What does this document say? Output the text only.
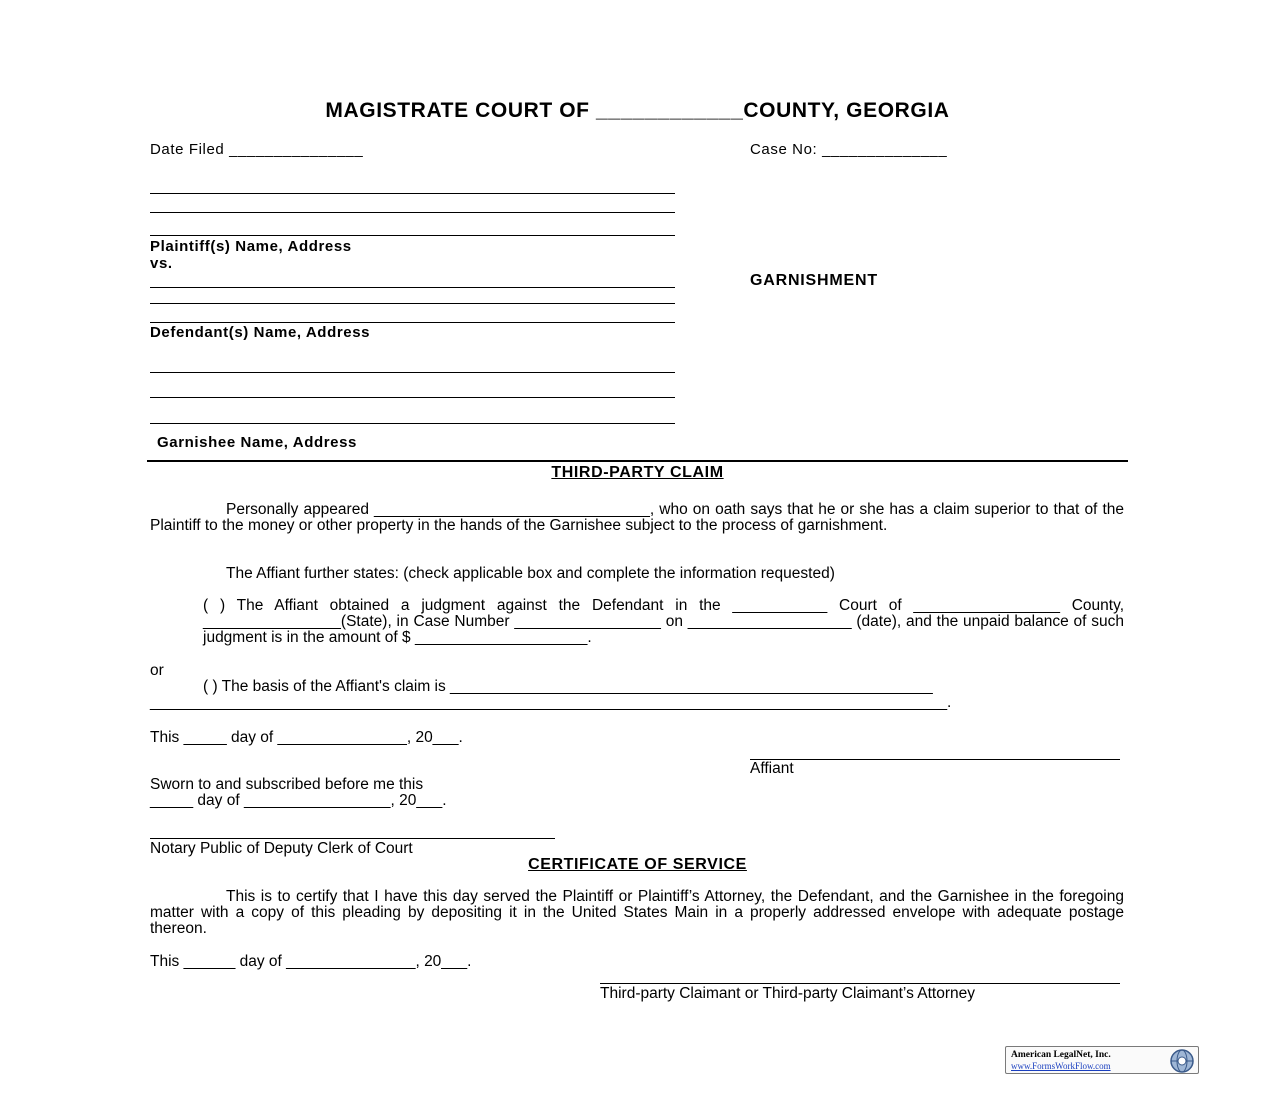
MAGISTRATE COURT OF ____________COUNTY, GEORGIA
Date Filed _______________	Case No: ______________
Plaintiff(s) Name, Address
vs.
GARNISHMENT
Defendant(s) Name, Address
Garnishee Name, Address
THIRD-PARTY CLAIM
Personally appeared ________________________________, who on oath says that he or she has a claim superior to that of the Plaintiff to the money or other property in the hands of the Garnishee subject to the process of garnishment.
The Affiant further states: (check applicable box and complete the information requested)
( ) The Affiant obtained a judgment against the Defendant in the ___________ Court of _________________ County, ________________(State), in Case Number _________________ on ___________________ (date), and the unpaid balance of such judgment is in the amount of $ ____________________.
or
( ) The basis of the Affiant's claim is ________________________________________________________
_____________________________________________________________________________________________.
This _____ day of _______________, 20___.
Affiant
Sworn to and subscribed before me this
_____ day of _________________, 20___.
Notary Public of Deputy Clerk of Court
CERTIFICATE OF SERVICE
This is to certify that I have this day served the Plaintiff or Plaintiff’s Attorney, the Defendant, and the Garnishee in the foregoing matter with a copy of this pleading by depositing it in the United States Main in a properly addressed envelope with adequate postage thereon.
This ______ day of _______________, 20___.
Third-party Claimant or Third-party Claimant’s Attorney
American LegalNet, Inc.
www.FormsWorkFlow.com
